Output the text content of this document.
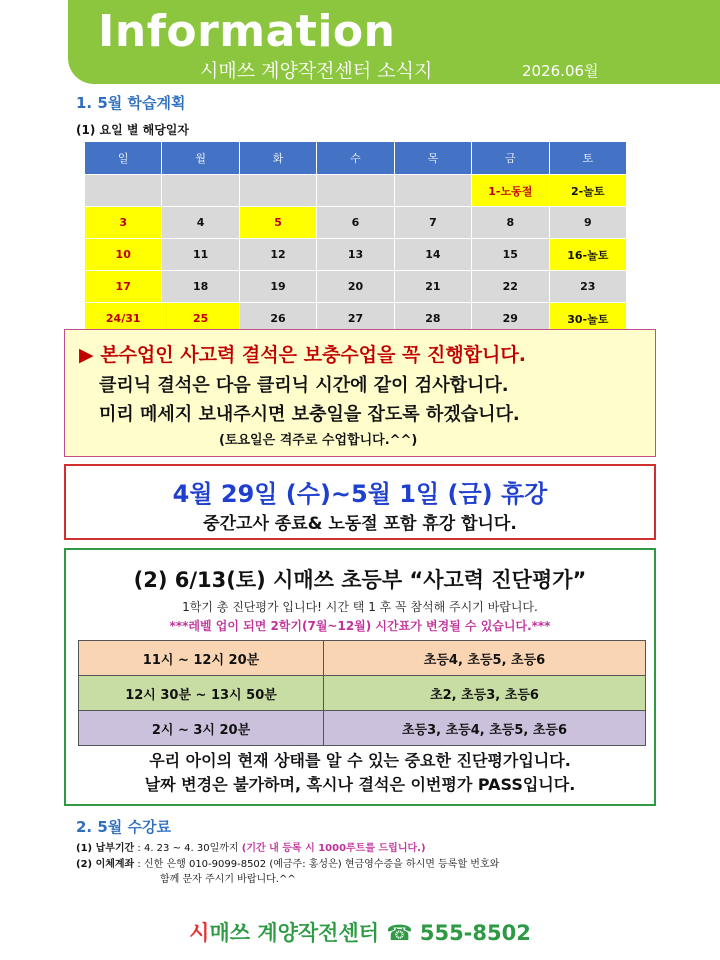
Information
시매쓰 계양작전센터 소식지	2026.06월
1. 5월 학습계획
(1) 요일 별 해당일자
일	월	화	수	목	금	토
					1-노동절	2-놀토
3	4	5	6	7	8	9
10	11	12	13	14	15	16-놀토
17	18	19	20	21	22	23
24/31	25	26	27	28	29	30-놀토
▶ 본수업인 사고력 결석은 보충수업을 꼭 진행합니다.
클리닉 결석은 다음 클리닉 시간에 같이 검사합니다.
미리 메세지 보내주시면 보충일을 잡도록 하겠습니다.
(토요일은 격주로 수업합니다.^^)
4월 29일 (수)~5월 1일 (금) 휴강
중간고사 종료& 노동절 포함 휴강 합니다.
(2) 6/13(토) 시매쓰 초등부 “사고력 진단평가”
1학기 총 진단평가 입니다! 시간 택 1 후 꼭 참석해 주시기 바랍니다.
***레벨 업이 되면 2학기(7월~12월) 시간표가 변경될 수 있습니다.***
11시 ~ 12시 20분	초등4, 초등5, 초등6
12시 30분 ~ 13시 50분	초2, 초등3, 초등6
2시 ~ 3시 20분	초등3, 초등4, 초등5, 초등6
우리 아이의 현재 상태를 알 수 있는 중요한 진단평가입니다.
날짜 변경은 불가하며, 혹시나 결석은 이번평가 PASS입니다.
2. 5월 수강료
(1) 납부기간 : 4. 23 ~ 4. 30일까지 (기간 내 등록 시 1000루트를 드립니다.)
(2) 이체계좌 : 신한 은행 010-9099-8502 (예금주: 홍성은) 현금영수증을 하시면 등록할 번호와
함께 문자 주시기 바랍니다.^^
시매쓰 계양작전센터 ☎ 555-8502
